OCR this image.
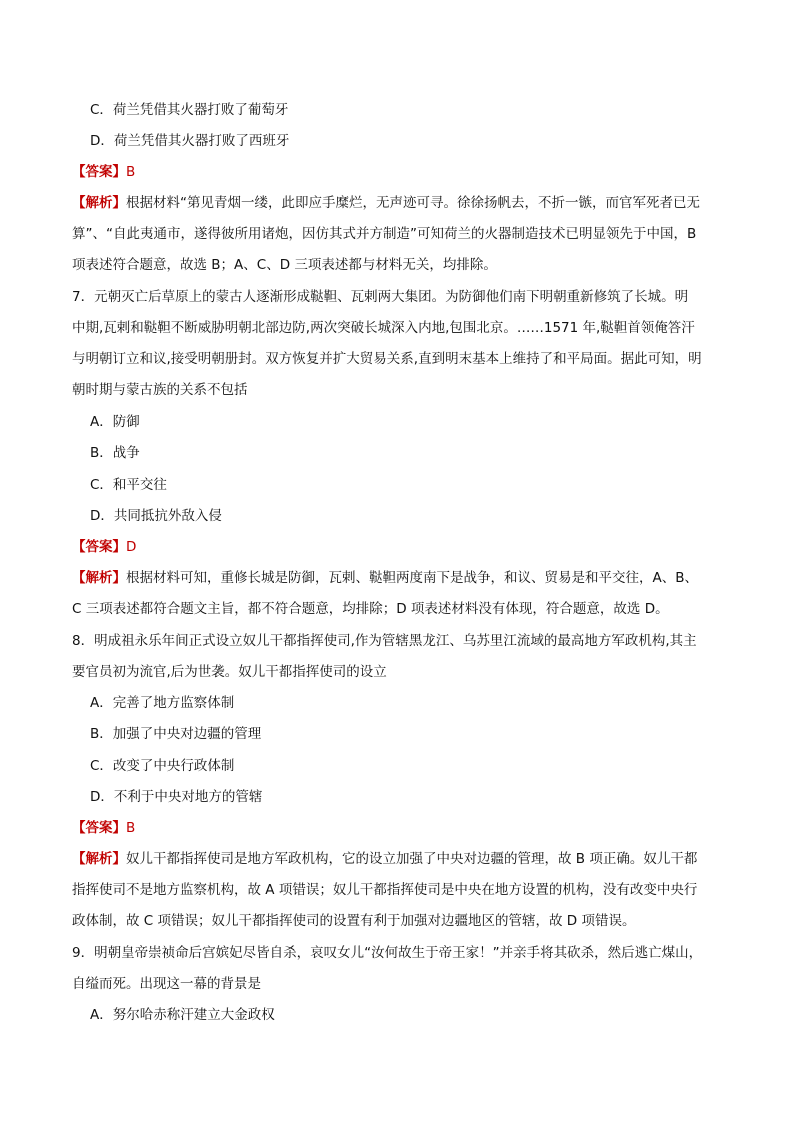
C．荷兰凭借其火器打败了葡萄牙
D．荷兰凭借其火器打败了西班牙
【答案】B
【解析】根据材料“第见青烟一缕，此即应手糜烂，无声迹可寻。徐徐扬帆去，不折一镞，而官军死者已无
算”、“自此夷通市，遂得彼所用诸炮，因仿其式并方制造”可知荷兰的火器制造技术已明显领先于中国，B
项表述符合题意，故选 B；A、C、D 三项表述都与材料无关，均排除。
7．元朝灭亡后草原上的蒙古人逐渐形成鞑靼、瓦剌两大集团。为防御他们南下明朝重新修筑了长城。明
中期,瓦剌和鞑靼不断威胁明朝北部边防,两次突破长城深入内地,包围北京。……1571 年,鞑靼首领俺答汗
与明朝订立和议,接受明朝册封。双方恢复并扩大贸易关系,直到明末基本上维持了和平局面。据此可知，明
朝时期与蒙古族的关系不包括
A．防御
B．战争
C．和平交往
D．共同抵抗外敌入侵
【答案】D
【解析】根据材料可知，重修长城是防御，瓦剌、鞑靼两度南下是战争，和议、贸易是和平交往，A、B、
C 三项表述都符合题文主旨，都不符合题意，均排除；D 项表述材料没有体现，符合题意，故选 D。
8．明成祖永乐年间正式设立奴儿干都指挥使司,作为管辖黑龙江、乌苏里江流域的最高地方军政机构,其主
要官员初为流官,后为世袭。奴儿干都指挥使司的设立
A．完善了地方监察体制
B．加强了中央对边疆的管理
C．改变了中央行政体制
D．不利于中央对地方的管辖
【答案】B
【解析】奴儿干都指挥使司是地方军政机构，它的设立加强了中央对边疆的管理，故 B 项正确。奴儿干都
指挥使司不是地方监察机构，故 A 项错误；奴儿干都指挥使司是中央在地方设置的机构，没有改变中央行
政体制，故 C 项错误；奴儿干都指挥使司的设置有利于加强对边疆地区的管辖，故 D 项错误。
9．明朝皇帝崇祯命后宫嫔妃尽皆自杀，哀叹女儿“汝何故生于帝王家！”并亲手将其砍杀，然后逃亡煤山，
自缢而死。出现这一幕的背景是
A．努尔哈赤称汗建立大金政权
